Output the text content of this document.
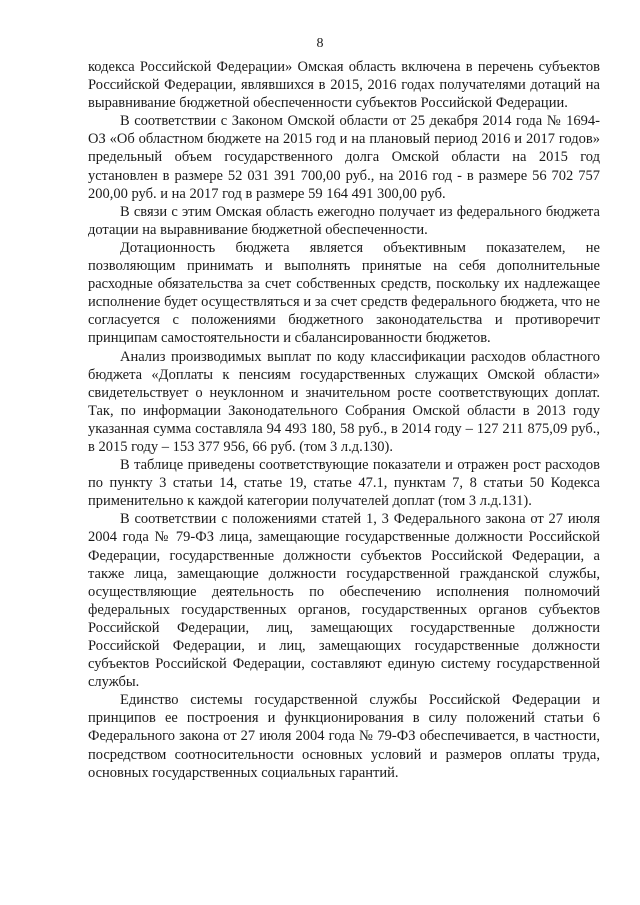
8

кодекса Российской Федерации» Омская область включена в перечень субъектов Российской Федерации, являвшихся в 2015, 2016 годах получателями дотаций на выравнивание бюджетной обеспеченности субъектов Российской Федерации.

В соответствии с Законом Омской области от 25 декабря 2014 года № 1694-ОЗ «Об областном бюджете на 2015 год и на плановый период 2016 и 2017 годов» предельный объем государственного долга Омской области на 2015 год установлен в размере 52 031 391 700,00 руб., на 2016 год - в размере 56 702 757 200,00 руб. и на 2017 год в размере 59 164 491 300,00 руб.

В связи с этим Омская область ежегодно получает из федерального бюджета дотации на выравнивание бюджетной обеспеченности.

Дотационность бюджета является объективным показателем, не позволяющим принимать и выполнять принятые на себя дополнительные расходные обязательства за счет собственных средств, поскольку их надлежащее исполнение будет осуществляться и за счет средств федерального бюджета, что не согласуется с положениями бюджетного законодательства и противоречит принципам самостоятельности и сбалансированности бюджетов.

Анализ производимых выплат по коду классификации расходов областного бюджета «Доплаты к пенсиям государственных служащих Омской области» свидетельствует о неуклонном и значительном росте соответствующих доплат. Так, по информации Законодательного Собрания Омской области в 2013 году указанная сумма составляла 94 493 180, 58 руб., в 2014 году – 127 211 875,09 руб., в 2015 году – 153 377 956, 66 руб. (том 3 л.д.130).

В таблице приведены соответствующие показатели и отражен рост расходов по пункту 3 статьи 14, статье 19, статье 47.1, пунктам 7, 8 статьи 50 Кодекса применительно к каждой категории получателей доплат (том 3 л.д.131).

В соответствии с положениями статей 1, 3 Федерального закона от 27 июля 2004 года № 79-ФЗ лица, замещающие государственные должности Российской Федерации, государственные должности субъектов Российской Федерации, а также лица, замещающие должности государственной гражданской службы, осуществляющие деятельность по обеспечению исполнения полномочий федеральных государственных органов, государственных органов субъектов Российской Федерации, лиц, замещающих государственные должности Российской Федерации, и лиц, замещающих государственные должности субъектов Российской Федерации, составляют единую систему государственной службы.

Единство системы государственной службы Российской Федерации и принципов ее построения и функционирования в силу положений статьи 6 Федерального закона от 27 июля 2004 года № 79-ФЗ обеспечивается, в частности, посредством соотносительности основных условий и размеров оплаты труда, основных государственных социальных гарантий.
